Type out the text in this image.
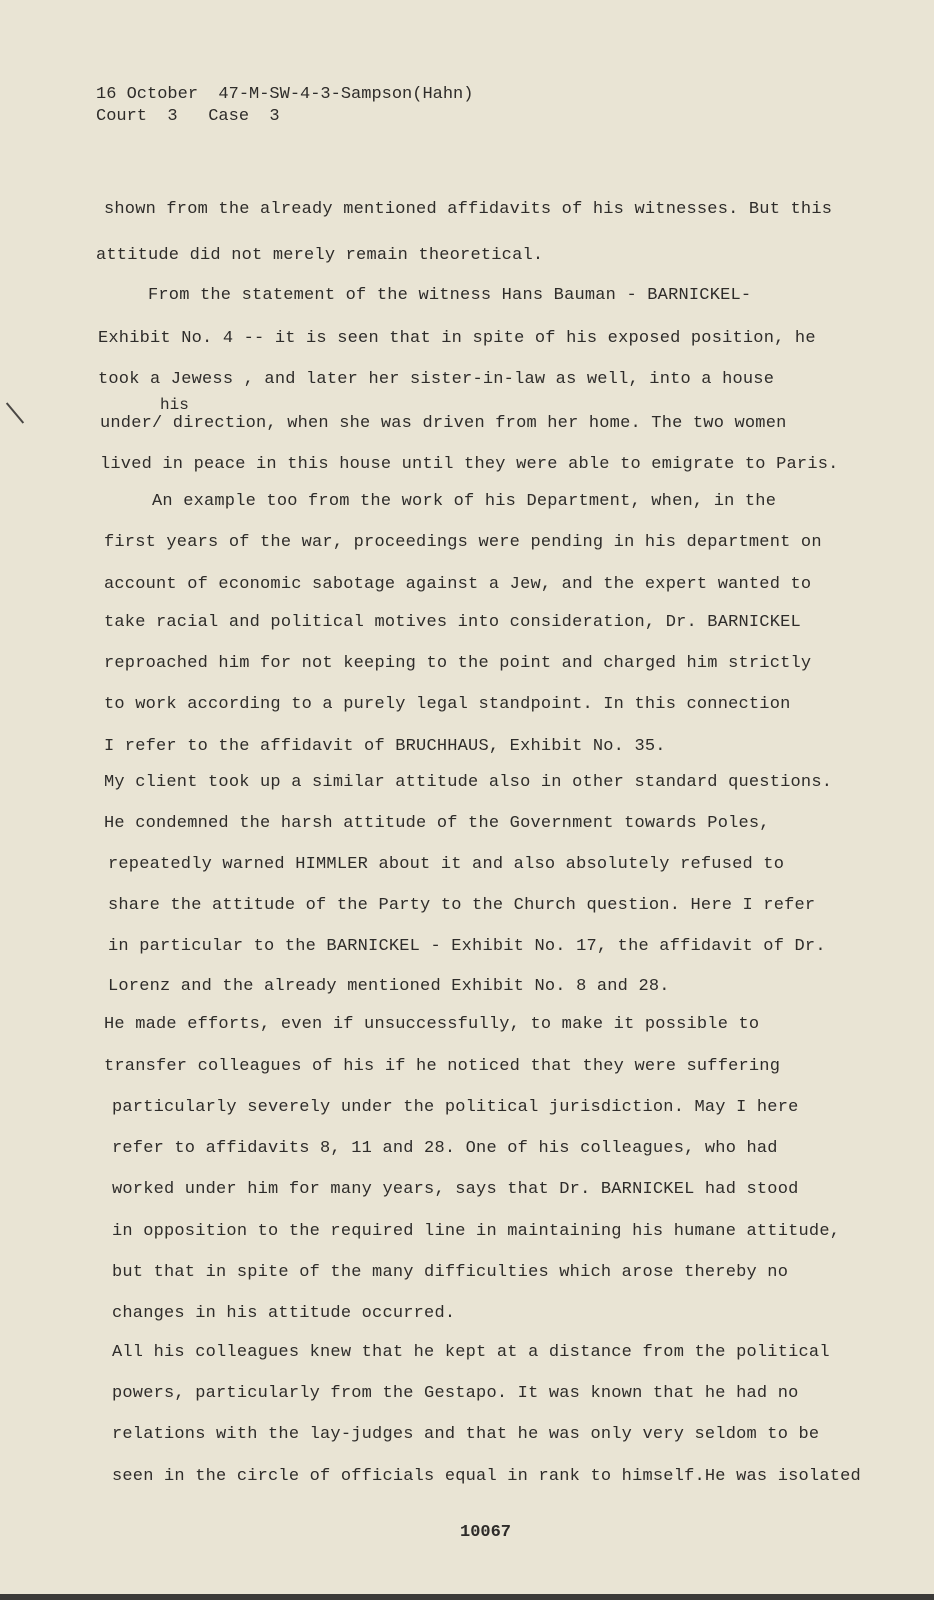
16 October  47-M-SW-4-3-Sampson(Hahn)
Court  3   Case  3
shown from the already mentioned affidavits of his witnesses. But this
attitude did not merely remain theoretical.
From the statement of the witness Hans Bauman - BARNICKEL-
Exhibit No. 4 -- it is seen that in spite of his exposed position, he
took a Jewess , and later her sister-in-law as well, into a house
his
under/ direction, when she was driven from her home. The two women
lived in peace in this house until they were able to emigrate to Paris.
An example too from the work of his Department, when, in the
first years of the war, proceedings were pending in his department on
account of economic sabotage against a Jew, and the expert wanted to
take racial and political motives into consideration, Dr. BARNICKEL
reproached him for not keeping to the point and charged him strictly
to work according to a purely legal standpoint. In this connection
I refer to the affidavit of BRUCHHAUS, Exhibit No. 35.
My client took up a similar attitude also in other standard questions.
He condemned the harsh attitude of the Government towards Poles,
repeatedly warned HIMMLER about it and also absolutely refused to
share the attitude of the Party to the Church question. Here I refer
in particular to the BARNICKEL - Exhibit No. 17, the affidavit of Dr.
Lorenz and the already mentioned Exhibit No. 8 and 28.
He made efforts, even if unsuccessfully, to make it possible to
transfer colleagues of his if he noticed that they were suffering
particularly severely under the political jurisdiction. May I here
refer to affidavits 8, 11 and 28. One of his colleagues, who had
worked under him for many years, says that Dr. BARNICKEL had stood
in opposition to the required line in maintaining his humane attitude,
but that in spite of the many difficulties which arose thereby no
changes in his attitude occurred.
All his colleagues knew that he kept at a distance from the political
powers, particularly from the Gestapo. It was known that he had no
relations with the lay-judges and that he was only very seldom to be
seen in the circle of officials equal in rank to himself.He was isolated
10067
